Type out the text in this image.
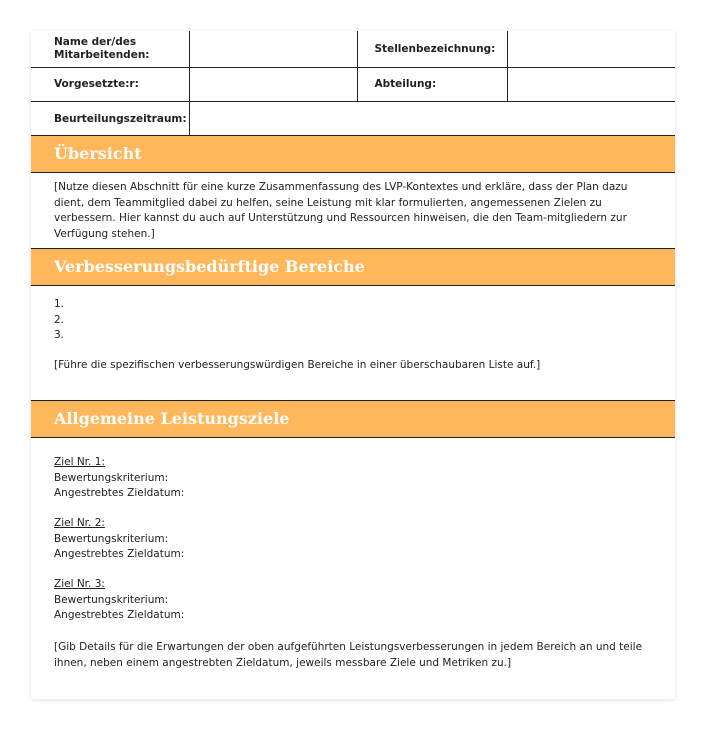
Name der/des Mitarbeitenden:		Stellenbezeichnung:	
Vorgesetzte:r:		Abteilung:	
Beurteilungszeitraum:			
Übersicht
[Nutze diesen Abschnitt für eine kurze Zusammenfassung des LVP-Kontextes und erkläre, dass der Plan dazu dient, dem Teammitglied dabei zu helfen, seine Leistung mit klar formulierten, angemessenen Zielen zu verbessern. Hier kannst du auch auf Unterstützung und Ressourcen hinweisen, die den Team-mitgliedern zur Verfügung stehen.]
Verbesserungsbedürftige Bereiche
1.
2.
3.
[Führe die spezifischen verbesserungswürdigen Bereiche in einer überschaubaren Liste auf.]
Allgemeine Leistungsziele
Ziel Nr. 1:
Bewertungskriterium:
Angestrebtes Zieldatum:
Ziel Nr. 2:
Bewertungskriterium:
Angestrebtes Zieldatum:
Ziel Nr. 3:
Bewertungskriterium:
Angestrebtes Zieldatum:
[Gib Details für die Erwartungen der oben aufgeführten Leistungsverbesserungen in jedem Bereich an und teile ihnen, neben einem angestrebten Zieldatum, jeweils messbare Ziele und Metriken zu.]
